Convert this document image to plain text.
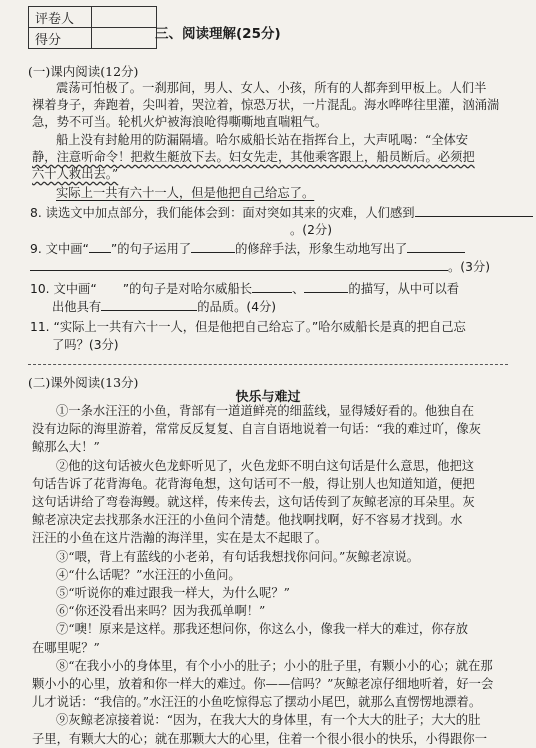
评卷人	
得分		三、阅读理解(25分)
(一)课内阅读(12分)
震荡可怕极了。一刹那间，男人、女人、小孩，所有的人都奔到甲板上。人们半
裸着身子，奔跑着，尖叫着，哭泣着，惊恐万状，一片混乱。海水哗哗往里灌，汹涌湍
急，势不可当。轮机火炉被海浪呛得嘶嘶地直喘粗气。
船上没有封舱用的防漏隔墙。哈尔威船长站在指挥台上，大声吼喝：“全体安
静，注意听命令！把救生艇放下去。妇女先走，其他乘客跟上，船员断后。必须把
六十人救出去。”
实际上一共有六十一人，但是他把自己给忘了。
8. 读选文中加点部分，我们能体会到：面对突如其来的灾难，人们感到
。(2分)
9. 文中画“ ”的句子运用了	的修辞手法，形象生动地写出了
。(3分)
10. 文中画“ ”的句子是对哈尔威船长	、	的描写，从中可以看
出他具有	的品质。(4分)
11. “实际上一共有六十一人，但是他把自己给忘了。”哈尔威船长是真的把自己忘
了吗？(3分)
(二)课外阅读(13分)
快乐与难过
①一条水汪汪的小鱼，背部有一道道鲜亮的细蓝线，显得矮好看的。他独自在
没有边际的海里游着，常常反反复复、自言自语地说着一句话：“我的难过吖，像灰
鲸那么大！”
②他的这句话被火色龙虾听见了，火色龙虾不明白这句话是什么意思，他把这
句话告诉了花背海龟。花背海龟想，这句话可不一般，得让别人也知道知道，便把
这句话讲给了弯卷海鳗。就这样，传来传去，这句话传到了灰鲸老凉的耳朵里。灰
鲸老凉决定去找那条水汪汪的小鱼问个清楚。他找啊找啊，好不容易才找到。水
汪汪的小鱼在这片浩瀚的海洋里，实在是太不起眼了。
③“喂，背上有蓝线的小老弟，有句话我想找你问问。”灰鲸老凉说。
④“什么话呢？”水汪汪的小鱼问。
⑤“听说你的难过跟我一样大，为什么呢？”
⑥“你还没看出来吗？因为我孤单啊！”
⑦“噢！原来是这样。那我还想问你，你这么小，像我一样大的难过，你存放
在哪里呢？”
⑧“在我小小的身体里，有个小小的肚子；小小的肚子里，有颗小小的心；就在那
颗小小的心里，放着和你一样大的难过。你——信吗？”灰鲸老凉仔细地听着，好一会
儿才说话：“我信的。”水汪汪的小鱼吃惊得忘了摆动小尾巴，就那么直愣愣地漂着。
⑨灰鲸老凉接着说：“因为，在我大大的身体里，有一个大大的肚子；大大的肚
子里，有颗大大的心；就在那颗大大的心里，住着一个很小很小的快乐，小得跟你一
